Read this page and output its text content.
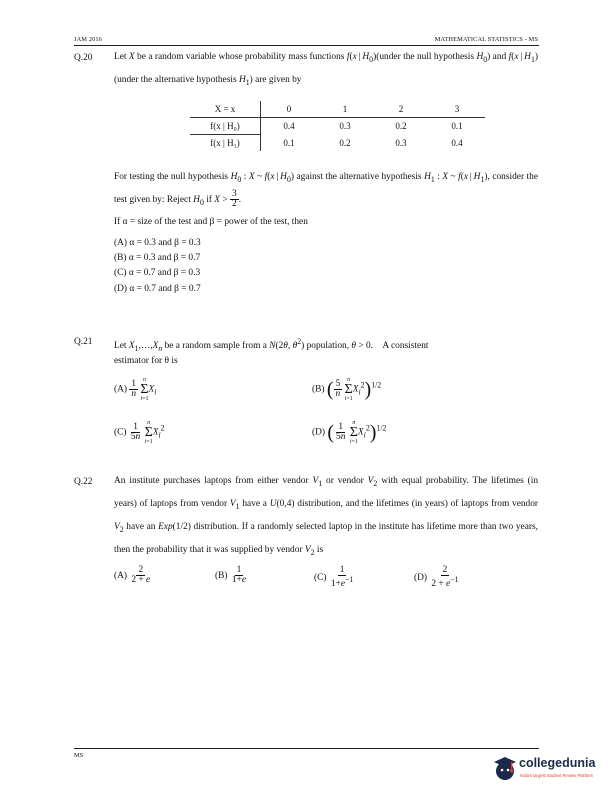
JAM 2016	MATHEMATICAL STATISTICS - MS
Q.20 Let X be a random variable whose probability mass functions f(x | $H_0)(under$ the null hypothesis $H_0$) and f(x | $H_1)(under$ the alternative hypothesis $H_1$) are given by
X = x	0	1	2	3
f(x | H₀)	0.4	0.3	0.2	0.1
f(x | H₁)	0.1	0.2	0.3	0.4
For testing the null hypothesis $H_0$ : X ~ f(x | $H_0$) against the alternative hypothesis $H_1$ : X ~ f(x | $H_1$), consider the test given by: Reject $H_0$ if $X > \frac{3}{2}$ .
If α = size of the test and β = power of the test, then
(A) α = 0.3 and β = 0.3
(B) α = 0.3 and β = 0.7
(C) α = 0.7 and β = 0.3
(D) α = 0.7 and β = 0.7
Q.21 Let $X_1,\dots,X_n$ be a random sample from a N(2θ, $\theta^2$) population, θ > 0.    A consistent
estimator for θ is
$(A) \frac{1}{n}$
n
Σ
i=1
$X_i$	(B) ( $\frac{5}{n}$
n
Σ
i=1
$X_i^2)^{1/2}$
$(C) \frac{1}{5n}$
n
Σ
i=1
$X_i^2$	(D) ( $\frac{1}{5n}$
n
Σ
i=1
$X_i^2)^{1/2}$
Q.22 An institute purchases laptops from either vendor $V_1$ or vendor $V_2$ with equal probability. The lifetimes (in years) of laptops from vendor $V_1$ have a U(0,4) distribution, and the lifetimes (in years) of laptops from vendor $V_2$ have an Exp(1/2) distribution. If a randomly selected laptop in the institute has lifetime more than two years, then the probability that it was supplied by vendor $V_2$ is
$(A) \frac{2}{2 + e}$	$(B) \frac{1}{1+e}$	$(C) \frac{1}{1+e^{-1}}$	$(D) \frac{2}{2 + e^{-1}}$
MS
collegedunia
India's largest Student Review Platform
